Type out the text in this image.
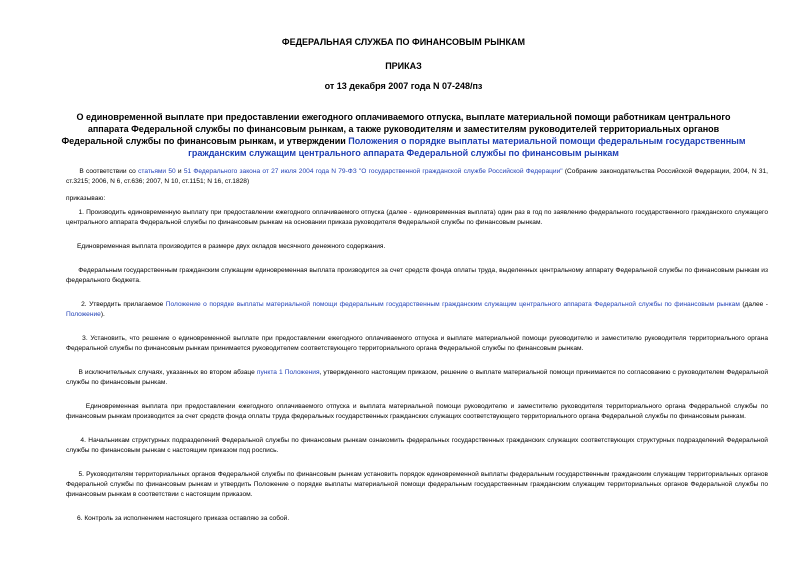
ФЕДЕРАЛЬНАЯ СЛУЖБА ПО ФИНАНСОВЫМ РЫНКАМ
ПРИКАЗ
от 13 декабря 2007 года N 07-248/пз
О единовременной выплате при предоставлении ежегодного оплачиваемого отпуска, выплате материальной помощи работникам центрального аппарата Федеральной службы по финансовым рынкам, а также руководителям и заместителям руководителей территориальных органов Федеральной службы по финансовым рынкам, и утверждении Положения о порядке выплаты материальной помощи федеральным государственным гражданским служащим центрального аппарата Федеральной службы по финансовым рынкам

В соответствии со статьями 50 и 51 Федерального закона от 27 июля 2004 года N 79-ФЗ "О государственной гражданской службе Российской Федерации" (Собрание законодательства Российской Федерации, 2004, N 31, ст.3215; 2006, N 6, ст.636; 2007, N 10, ст.1151; N 16, ст.1828)

приказываю:

1. Производить единовременную выплату при предоставлении ежегодного оплачиваемого отпуска (далее - единовременная выплата) один раз в год по заявлению федерального государственного гражданского служащего центрального аппарата Федеральной службы по финансовым рынкам на основании приказа руководителя Федеральной службы по финансовым рынкам.

Единовременная выплата производится в размере двух окладов месячного денежного содержания.

Федеральным государственным гражданским служащим единовременная выплата производится за счет средств фонда оплаты труда, выделенных центральному аппарату Федеральной службы по финансовым рынкам из федерального бюджета.

2. Утвердить прилагаемое Положение о порядке выплаты материальной помощи федеральным государственным гражданским служащим центрального аппарата Федеральной службы по финансовым рынкам (далее - Положение).

3. Установить, что решение о единовременной выплате при предоставлении ежегодного оплачиваемого отпуска и выплате материальной помощи руководителю и заместителю руководителя территориального органа Федеральной службы по финансовым рынкам принимается руководителем соответствующего территориального органа Федеральной службы по финансовым рынкам.

В исключительных случаях, указанных во втором абзаце пункта 1 Положения, утвержденного настоящим приказом, решение о выплате материальной помощи принимается по согласованию с руководителем Федеральной службы по финансовым рынкам.

Единовременная выплата при предоставлении ежегодного оплачиваемого отпуска и выплата материальной помощи руководителю и заместителю руководителя территориального органа Федеральной службы по финансовым рынкам производится за счет средств фонда оплаты труда федеральных государственных гражданских служащих соответствующего территориального органа Федеральной службы по финансовым рынкам.

4. Начальникам структурных подразделений Федеральной службы по финансовым рынкам ознакомить федеральных государственных гражданских служащих соответствующих структурных подразделений Федеральной службы по финансовым рынкам с настоящим приказом под роспись.

5. Руководителям территориальных органов Федеральной службы по финансовым рынкам установить порядок единовременной выплаты федеральным государственным гражданским служащим территориальных органов Федеральной службы по финансовым рынкам и утвердить Положение о порядке выплаты материальной помощи федеральным государственным гражданским служащим территориальных органов Федеральной службы по финансовым рынкам в соответствии с настоящим приказом.

6. Контроль за исполнением настоящего приказа оставляю за собой.
